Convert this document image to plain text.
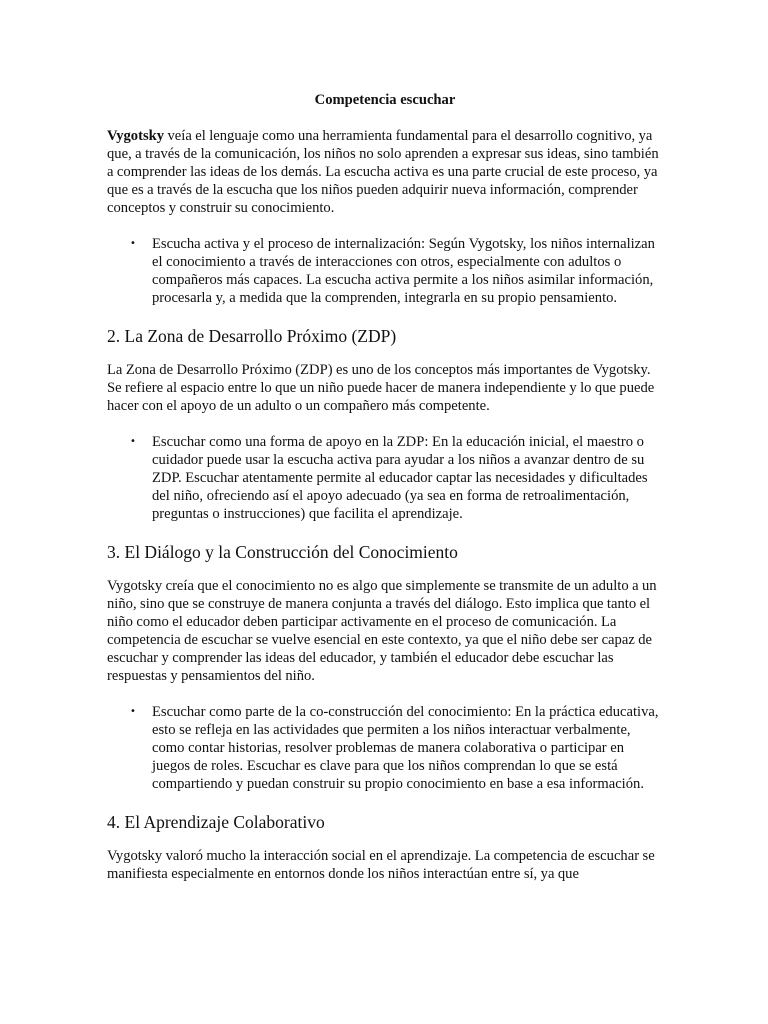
Competencia escuchar

Vygotsky veía el lenguaje como una herramienta fundamental para el desarrollo cognitivo, ya que, a través de la comunicación, los niños no solo aprenden a expresar sus ideas, sino también a comprender las ideas de los demás. La escucha activa es una parte crucial de este proceso, ya que es a través de la escucha que los niños pueden adquirir nueva información, comprender conceptos y construir su conocimiento.

• Escucha activa y el proceso de internalización: Según Vygotsky, los niños internalizan el conocimiento a través de interacciones con otros, especialmente con adultos o compañeros más capaces. La escucha activa permite a los niños asimilar información, procesarla y, a medida que la comprenden, integrarla en su propio pensamiento.
2. La Zona de Desarrollo Próximo (ZDP)

La Zona de Desarrollo Próximo (ZDP) es uno de los conceptos más importantes de Vygotsky. Se refiere al espacio entre lo que un niño puede hacer de manera independiente y lo que puede hacer con el apoyo de un adulto o un compañero más competente.

• Escuchar como una forma de apoyo en la ZDP: En la educación inicial, el maestro o cuidador puede usar la escucha activa para ayudar a los niños a avanzar dentro de su ZDP. Escuchar atentamente permite al educador captar las necesidades y dificultades del niño, ofreciendo así el apoyo adecuado (ya sea en forma de retroalimentación, preguntas o instrucciones) que facilita el aprendizaje.
3. El Diálogo y la Construcción del Conocimiento

Vygotsky creía que el conocimiento no es algo que simplemente se transmite de un adulto a un niño, sino que se construye de manera conjunta a través del diálogo. Esto implica que tanto el niño como el educador deben participar activamente en el proceso de comunicación. La competencia de escuchar se vuelve esencial en este contexto, ya que el niño debe ser capaz de escuchar y comprender las ideas del educador, y también el educador debe escuchar las respuestas y pensamientos del niño.

• Escuchar como parte de la co-construcción del conocimiento: En la práctica educativa, esto se refleja en las actividades que permiten a los niños interactuar verbalmente, como contar historias, resolver problemas de manera colaborativa o participar en juegos de roles. Escuchar es clave para que los niños comprendan lo que se está compartiendo y puedan construir su propio conocimiento en base a esa información.
4. El Aprendizaje Colaborativo

Vygotsky valoró mucho la interacción social en el aprendizaje. La competencia de escuchar se manifiesta especialmente en entornos donde los niños interactúan entre sí, ya que
